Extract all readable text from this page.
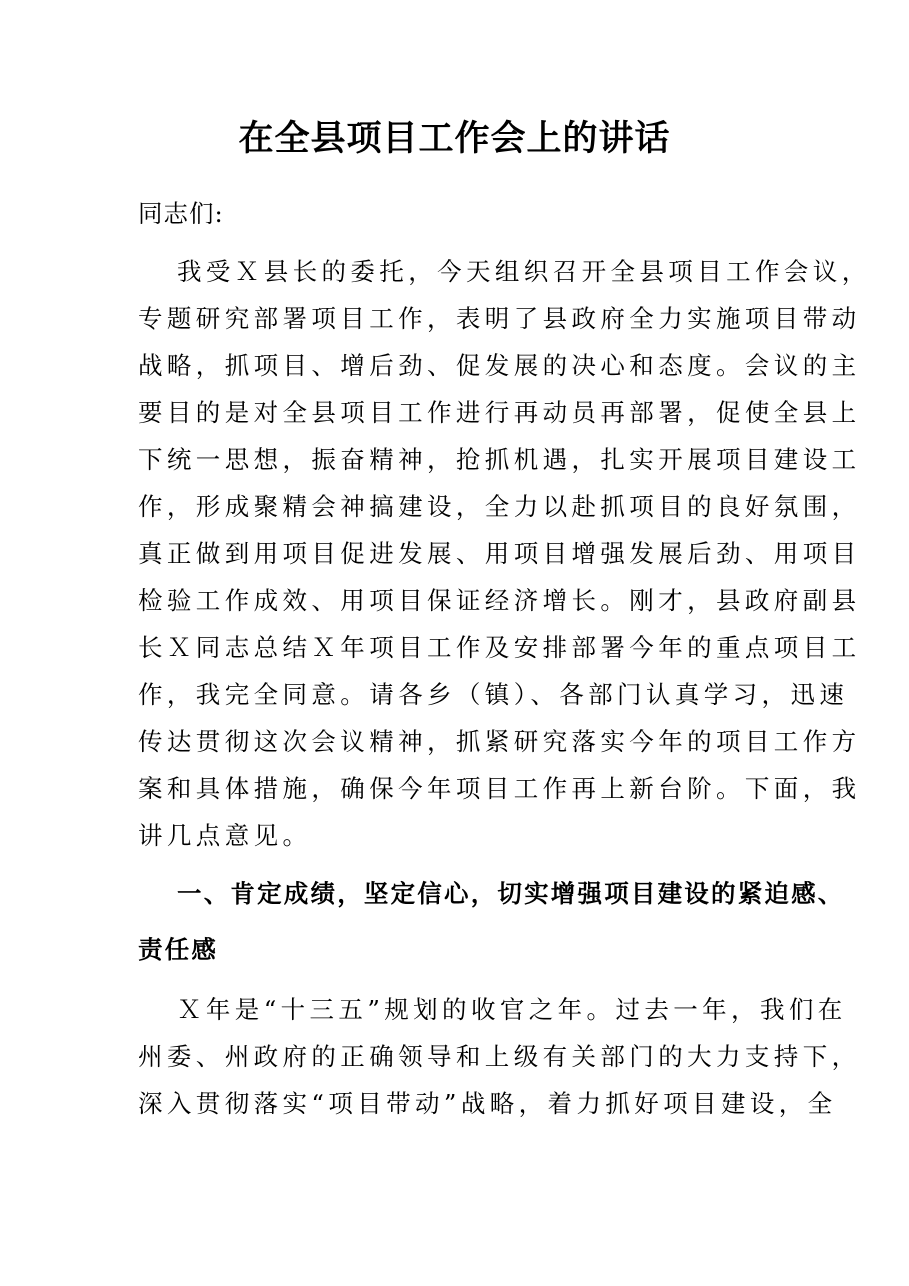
在全县项目工作会上的讲话
同志们:
我受Ｘ县长的委托，今天组织召开全县项目工作会议，
专题研究部署项目工作，表明了县政府全力实施项目带动
战略，抓项目、增后劲、促发展的决心和态度。会议的主
要目的是对全县项目工作进行再动员再部署，促使全县上
下统一思想，振奋精神，抢抓机遇，扎实开展项目建设工
作，形成聚精会神搞建设，全力以赴抓项目的良好氛围，
真正做到用项目促进发展、用项目增强发展后劲、用项目
检验工作成效、用项目保证经济增长。刚才，县政府副县
长Ｘ同志总结Ｘ年项目工作及安排部署今年的重点项目工
作，我完全同意。请各乡（镇）、各部门认真学习，迅速
传达贯彻这次会议精神，抓紧研究落实今年的项目工作方
案和具体措施，确保今年项目工作再上新台阶。下面，我
讲几点意见。
一、肯定成绩，坚定信心，切实增强项目建设的紧迫感、
责任感
Ｘ年是“十三五”规划的收官之年。过去一年，我们在
州委、州政府的正确领导和上级有关部门的大力支持下，
深入贯彻落实“项目带动”战略，着力抓好项目建设，全
